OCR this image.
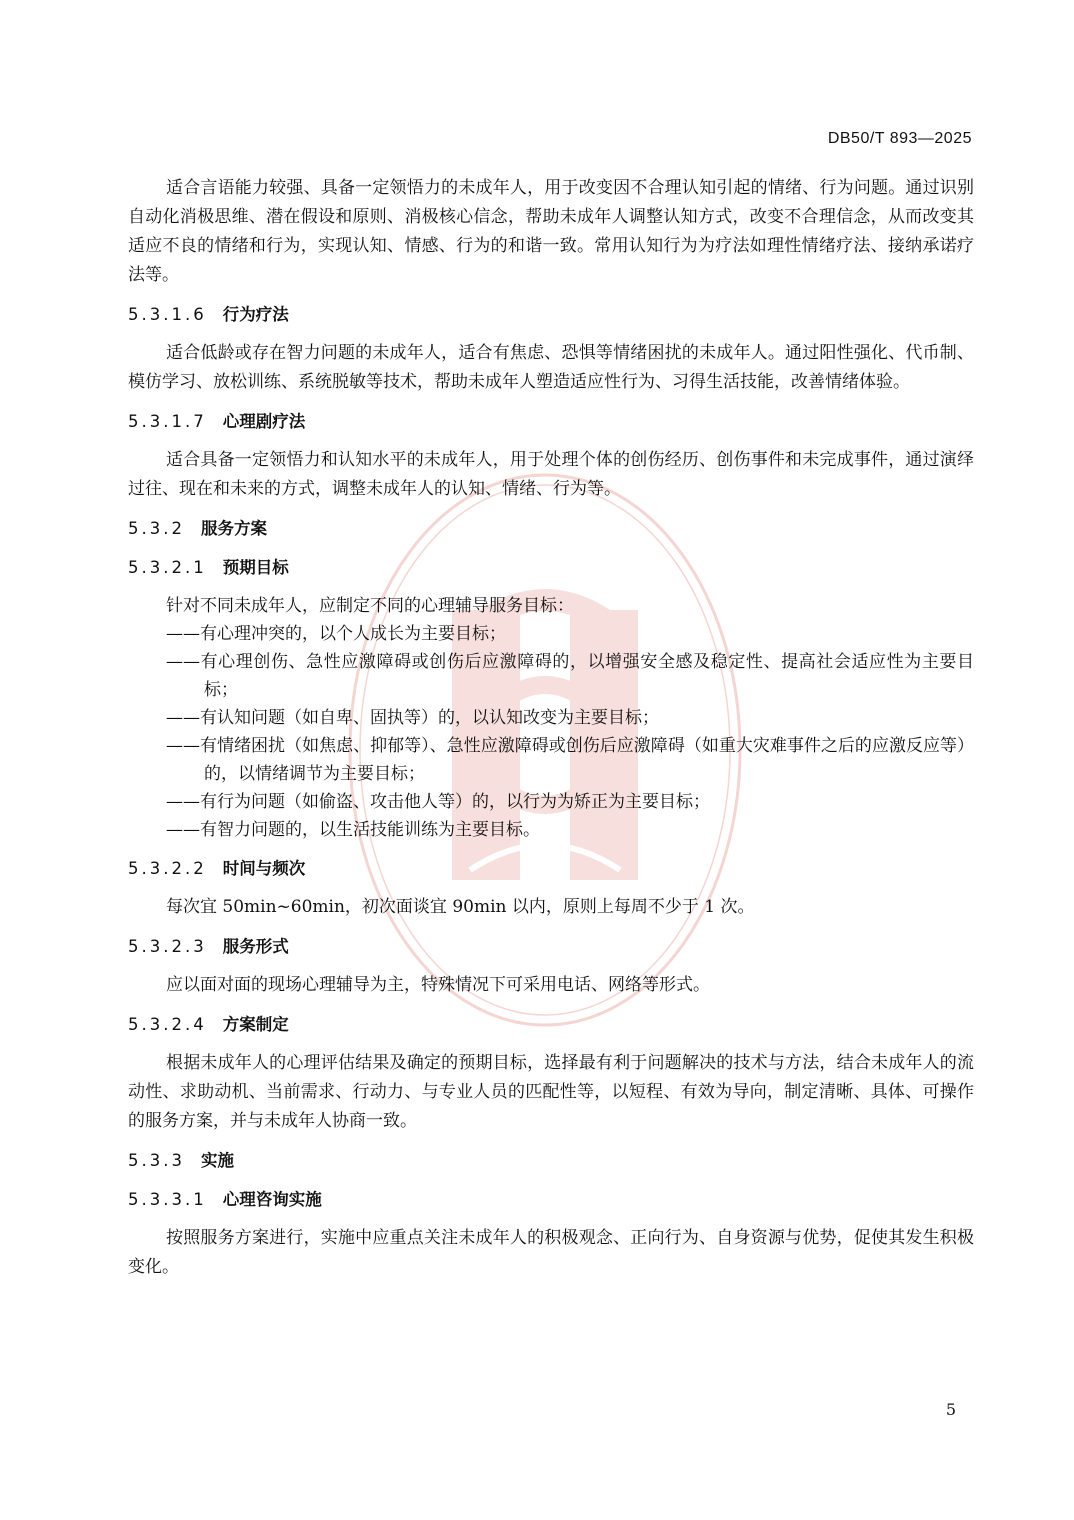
DB50/T 893—2025

适合言语能力较强、具备一定领悟力的未成年人，用于改变因不合理认知引起的情绪、行为问题。通过识别自动化消极思维、潜在假设和原则、消极核心信念，帮助未成年人调整认知方式，改变不合理信念，从而改变其适应不良的情绪和行为，实现认知、情感、行为的和谐一致。常用认知行为为疗法如理性情绪疗法、接纳承诺疗法等。

5.3.1.6 行为疗法

适合低龄或存在智力问题的未成年人，适合有焦虑、恐惧等情绪困扰的未成年人。通过阳性强化、代币制、模仿学习、放松训练、系统脱敏等技术，帮助未成年人塑造适应性行为、习得生活技能，改善情绪体验。

5.3.1.7 心理剧疗法

适合具备一定领悟力和认知水平的未成年人，用于处理个体的创伤经历、创伤事件和未完成事件，通过演绎过往、现在和未来的方式，调整未成年人的认知、情绪、行为等。

5.3.2 服务方案
5.3.2.1 预期目标

针对不同未成年人，应制定不同的心理辅导服务目标：

——有心理冲突的，以个人成长为主要目标；

——有心理创伤、急性应激障碍或创伤后应激障碍的，以增强安全感及稳定性、提高社会适应性为主要目标；

——有认知问题（如自卑、固执等）的，以认知改变为主要目标；

——有情绪困扰（如焦虑、抑郁等）、急性应激障碍或创伤后应激障碍（如重大灾难事件之后的应激反应等）的，以情绪调节为主要目标；

——有行为问题（如偷盗、攻击他人等）的，以行为为矫正为主要目标；

——有智力问题的，以生活技能训练为主要目标。

5.3.2.2 时间与频次

每次宜 50min~60min，初次面谈宜 90min 以内，原则上每周不少于 1 次。

5.3.2.3 服务形式

应以面对面的现场心理辅导为主，特殊情况下可采用电话、网络等形式。

5.3.2.4 方案制定

根据未成年人的心理评估结果及确定的预期目标，选择最有利于问题解决的技术与方法，结合未成年人的流动性、求助动机、当前需求、行动力、与专业人员的匹配性等，以短程、有效为导向，制定清晰、具体、可操作的服务方案，并与未成年人协商一致。

5.3.3 实施
5.3.3.1 心理咨询实施

按照服务方案进行，实施中应重点关注未成年人的积极观念、正向行为、自身资源与优势，促使其发生积极变化。

5
